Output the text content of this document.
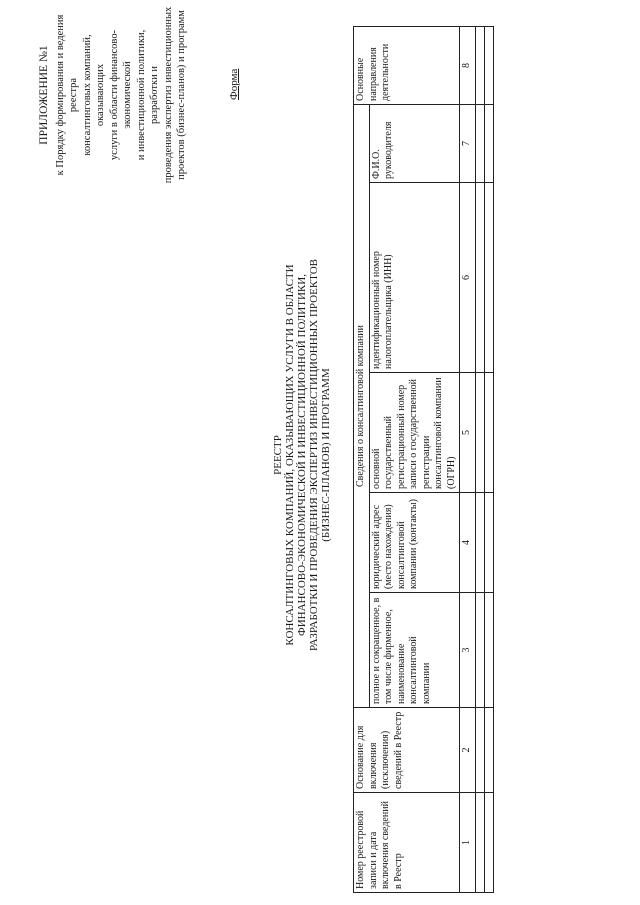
ПРИЛОЖЕНИЕ №1 к Порядку формирования и ведения реестра консалтинговых компаний, оказывающих услуги в области финансово-экономической и инвестиционной политики, разработки и проведения экспертиз инвестиционных проектов (бизнес-планов) и программ	Форма
РЕЕСТР КОНСАЛТИНГОВЫХ КОМПАНИЙ, ОКАЗЫВАЮЩИХ УСЛУГИ В ОБЛАСТИ ФИНАНСОВО-ЭКОНОМИЧЕСКОЙ И ИНВЕСТИЦИОННОЙ ПОЛИТИКИ, РАЗРАБОТКИ И ПРОВЕДЕНИЯ ЭКСПЕРТИЗ ИНВЕСТИЦИОННЫХ ПРОЕКТОВ (БИЗНЕС-ПЛАНОВ) И ПРОГРАММ
Номер реестровой записи и дата включения сведений в Реестр	Основание для включения (исключения) сведений в Реестр	Сведения о консалтинговой компании					Основные направления деятельности
		полное и сокращенное, в том числе фирменное, наименование консалтинговой компании	юридический адрес (место нахождения) консалтинговой компании (контакты)	основной государственный регистрационный номер записи о государственной регистрации консалтинговой компании (ОГРН)	идентификационный номер налогоплательщика (ИНН)	Ф.И.О. руководителя	
1	2	3	4	5	6	7	8
